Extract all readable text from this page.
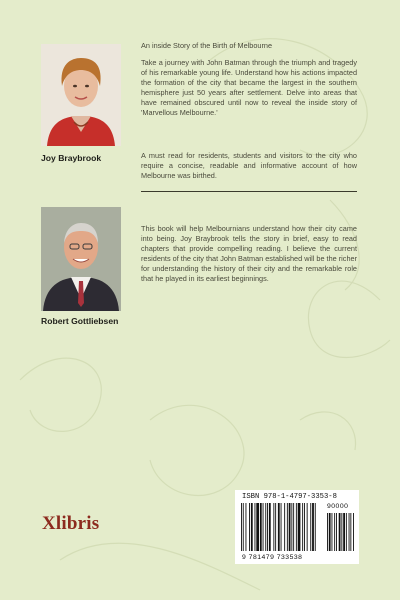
Joy Braybrook
Robert Gottliebsen
An inside Story of the Birth of Melbourne
Take a journey with John Batman through the triumph and tragedy of his remarkable young life. Understand how his actions impacted the formation of the city that became the largest in the southern hemisphere just 50 years after settlement. Delve into areas that have remained obscured until now to reveal the inside story of 'Marvellous Melbourne.'
A must read for residents, students and visitors to the city who require a concise, readable and informative account of how Melbourne was birthed.
This book will help Melbournians understand how their city came into being. Joy Braybrook tells the story in brief, easy to read chapters that provide compelling reading. I believe the current residents of the city that John Batman established will be the richer for understanding the history of their city and the remarkable role that he played in its earliest beginnings.
Xlibris
ISBN 978-1-4797-3353-8
90000
9 781479 733538
